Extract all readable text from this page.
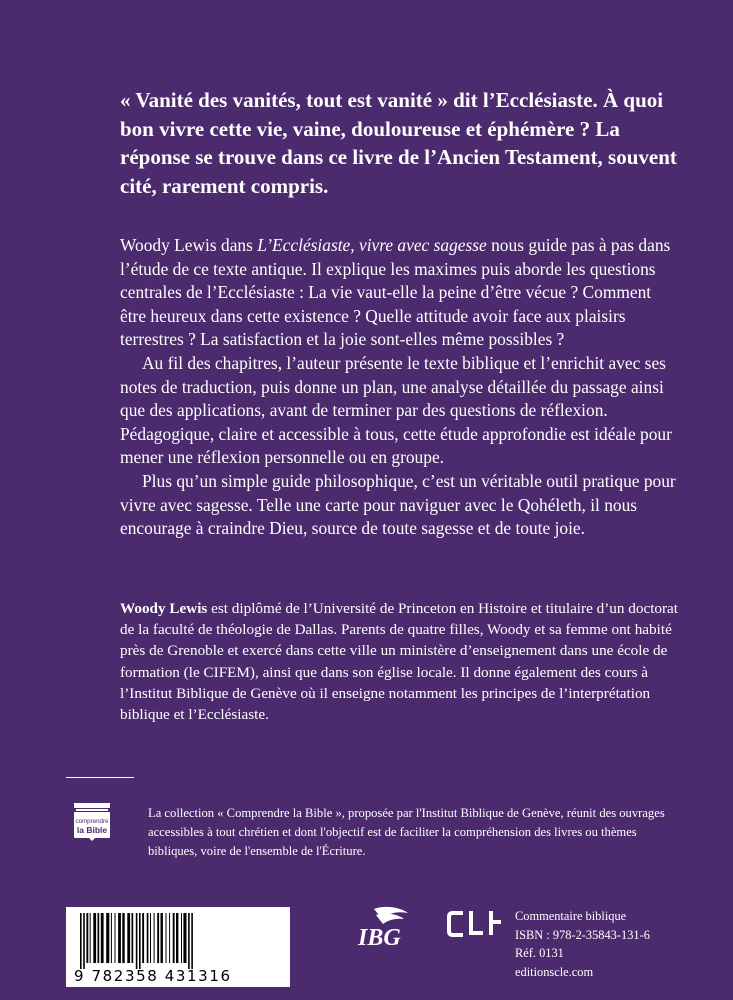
« Vanité des vanités, tout est vanité » dit l’Ecclésiaste. À quoi bon vivre cette vie, vaine, douloureuse et éphémère ? La réponse se trouve dans ce livre de l’Ancien Testament, souvent cité, rarement compris.

Woody Lewis dans L’Ecclésiaste, vivre avec sagesse nous guide pas à pas dans l’étude de ce texte antique. Il explique les maximes puis aborde les questions centrales de l’Ecclésiaste : La vie vaut-elle la peine d’être vécue ? Comment être heureux dans cette existence ? Quelle attitude avoir face aux plaisirs terrestres ? La satisfaction et la joie sont-elles même possibles ?

Au fil des chapitres, l’auteur présente le texte biblique et l’enrichit avec ses notes de traduction, puis donne un plan, une analyse détaillée du passage ainsi que des applications, avant de terminer par des questions de réflexion. Pédagogique, claire et accessible à tous, cette étude approfondie est idéale pour mener une réflexion personnelle ou en groupe.

Plus qu’un simple guide philosophique, c’est un véritable outil pratique pour vivre avec sagesse. Telle une carte pour naviguer avec le Qohéleth, il nous encourage à craindre Dieu, source de toute sagesse et de toute joie.

Woody Lewis est diplômé de l’Université de Princeton en Histoire et titulaire d’un doctorat de la faculté de théologie de Dallas. Parents de quatre filles, Woody et sa femme ont habité près de Grenoble et exercé dans cette ville un ministère d’enseignement dans une école de formation (le CIFEM), ainsi que dans son église locale. Il donne également des cours à l’Institut Biblique de Genève où il enseigne notamment les principes de l’interprétation biblique et l’Ecclésiaste.

comprendre
la Bible

La collection « Comprendre la Bible », proposée par l'Institut Biblique de Genève, réunit des ouvrages accessibles à tout chrétien et dont l'objectif est de faciliter la compréhension des livres ou thèmes bibliques, voire de l'ensemble de l'Écriture.

9 782358 431316
IBG
Commentaire biblique
ISBN : 978-2-35843-131-6
Réf. 0131
editionscle.com
